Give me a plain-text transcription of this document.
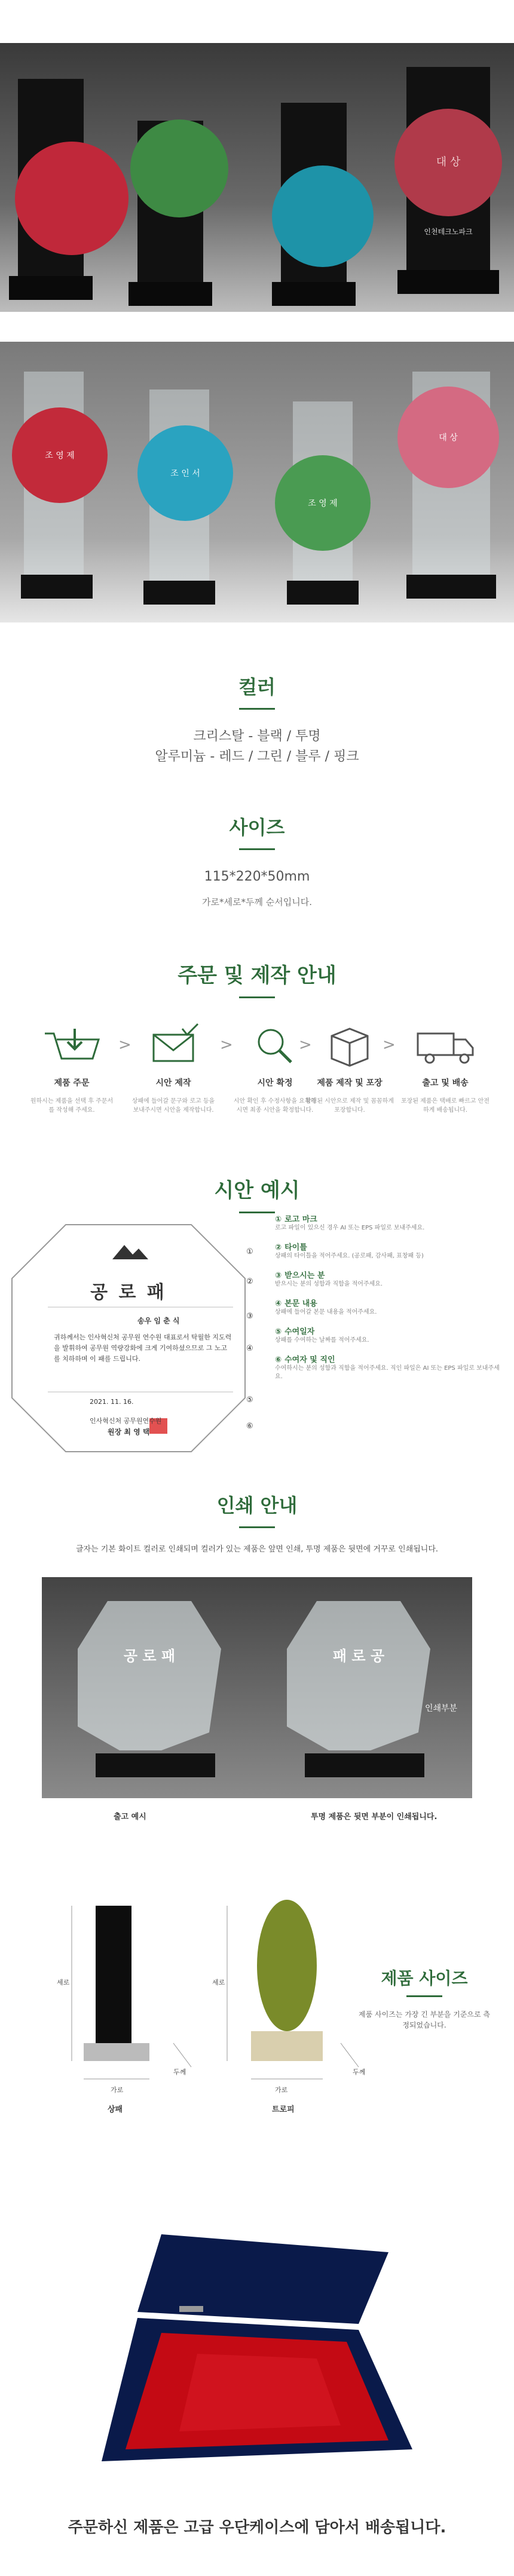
대 상
인천테크노파크
조 영 제
조 인 서
조 영 제
대 상
컬러
크리스탈 - 블랙 / 투명
알루미늄 - 레드 / 그린 / 블루 / 핑크
사이즈
115*220*50mm
가로*세로*두께 순서입니다.
주문 및 제작 안내
제품 주문
원하시는 제품을 선택 후 주문서를 작성해 주세요.
>
시안 제작
상패에 들어갈 문구와 로고 등을 보내주시면 시안을 제작합니다.
>
시안 확정
시안 확인 후 수정사항을 요청하시면 최종 시안을 확정합니다.
>
제품 제작 및 포장
확정된 시안으로 제작 및 꼼꼼하게 포장합니다.
>
출고 및 배송
포장된 제품은 택배로 빠르고 안전하게 배송됩니다.
시안 예시
공 로 패
송우 임 춘 식
귀하께서는 인사혁신처 공무원 연수원 대표로서 탁월한 지도력을 발휘하여 공무원 역량강화에 크게 기여하셨으므로 그 노고를 치하하며 이 패를 드립니다.
2021. 11. 16.
인사혁신처 공무원연수원
원장 최 영 택
①
②
③
④
⑤
⑥
① 로고 마크
로고 파일이 있으신 경우 AI 또는 EPS 파일로 보내주세요.
② 타이틀
상패의 타이틀을 적어주세요. (공로패, 감사패, 표창패 등)
③ 받으시는 분
받으시는 분의 성함과 직함을 적어주세요.
④ 본문 내용
상패에 들어갈 본문 내용을 적어주세요.
⑤ 수여일자
상패를 수여하는 날짜를 적어주세요.
⑥ 수여자 및 직인
수여하시는 분의 성함과 직함을 적어주세요. 직인 파일은 AI 또는 EPS 파일로 보내주세요.
인쇄 안내
글자는 기본 화이트 컬러로 인쇄되며 컬러가 있는 제품은 앞면 인쇄, 투명 제품은 뒷면에 거꾸로 인쇄됩니다.
공 로 패	패 로 공
인쇄부분
출고 예시	투명 제품은 뒷면 부분이 인쇄됩니다.
세로
가로
두께
세로
가로
두께
상패	트로피
제품 사이즈
제품 사이즈는 가장 긴 부분을 기준으로 측정되었습니다.
주문하신 제품은 고급 우단케이스에 담아서 배송됩니다.
